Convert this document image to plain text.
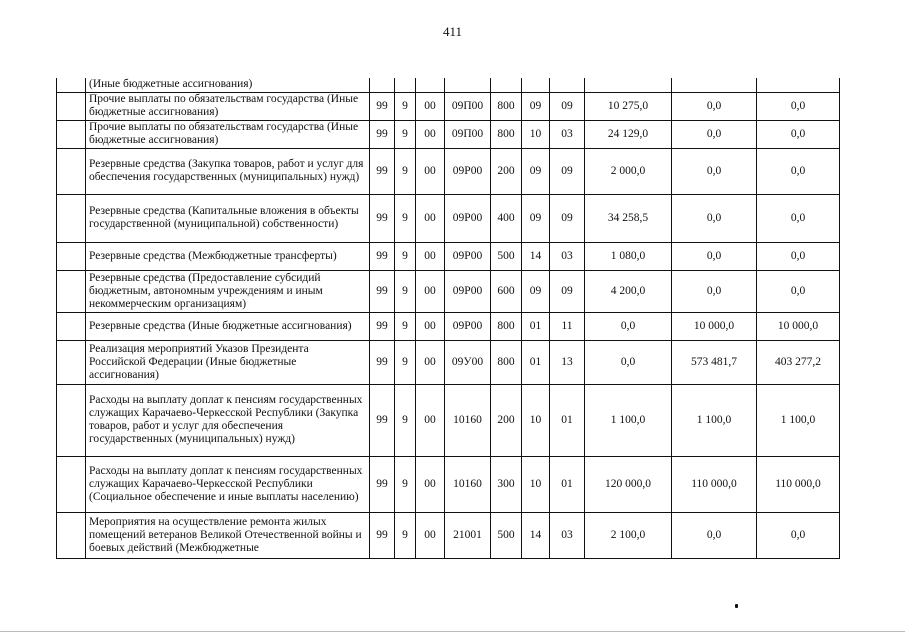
411
	(Иные бюджетные ассигнования)										
	Прочие выплаты по обязательствам государства (Иные бюджетные ассигнования)	99	9	00	09П00	800	09	09	10 275,0	0,0	0,0
	Прочие выплаты по обязательствам государства (Иные бюджетные ассигнования)	99	9	00	09П00	800	10	03	24 129,0	0,0	0,0
	Резервные средства (Закупка товаров, работ и услуг для обеспечения государственных (муниципальных) нужд)	99	9	00	09Р00	200	09	09	2 000,0	0,0	0,0
	Резервные средства (Капитальные вложения в объекты государственной (муниципальной) собственности)	99	9	00	09Р00	400	09	09	34 258,5	0,0	0,0
	Резервные средства (Межбюджетные трансферты)	99	9	00	09Р00	500	14	03	1 080,0	0,0	0,0
	Резервные средства (Предоставление субсидий бюджетным, автономным учреждениям и иным некоммерческим организациям)	99	9	00	09Р00	600	09	09	4 200,0	0,0	0,0
	Резервные средства (Иные бюджетные ассигнования)	99	9	00	09Р00	800	01	11	0,0	10 000,0	10 000,0
	Реализация мероприятий Указов Президента Российской Федерации (Иные бюджетные ассигнования)	99	9	00	09У00	800	01	13	0,0	573 481,7	403 277,2
	Расходы на выплату доплат к пенсиям государственных служащих Карачаево-Черкесской Республики (Закупка товаров, работ и услуг для обеспечения государственных (муниципальных) нужд)	99	9	00	10160	200	10	01	1 100,0	1 100,0	1 100,0
	Расходы на выплату доплат к пенсиям государственных служащих Карачаево-Черкесской Республики (Социальное обеспечение и иные выплаты населению)	99	9	00	10160	300	10	01	120 000,0	110 000,0	110 000,0

	Мероприятия на осуществление ремонта жилых помещений ветеранов Великой Отечественной войны и боевых действий (Межбюджетные	99	9	00	21001	500	14	03	2 100,0	0,0	0,0
